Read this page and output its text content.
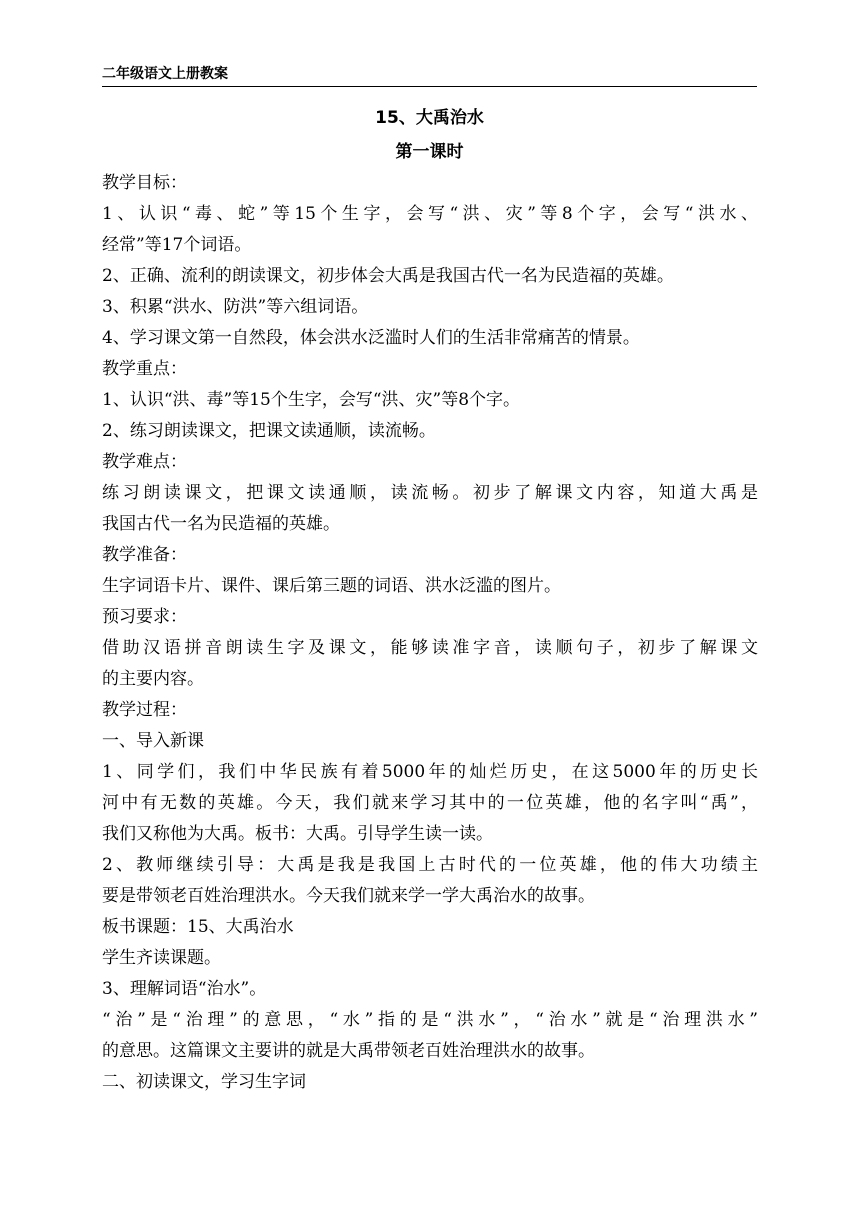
二年级语文上册教案
15、大禹治水
第一课时
教学目标：
1、认识“毒、蛇”等15个生字，会写“洪、灾”等8个字，会写“洪水、
经常”等17个词语。
2、正确、流利的朗读课文，初步体会大禹是我国古代一名为民造福的英雄。
3、积累“洪水、防洪”等六组词语。
4、学习课文第一自然段，体会洪水泛滥时人们的生活非常痛苦的情景。
教学重点：
1、认识“洪、毒”等15个生字，会写“洪、灾”等8个字。
2、练习朗读课文，把课文读通顺，读流畅。
教学难点：
练习朗读课文，把课文读通顺，读流畅。初步了解课文内容，知道大禹是
我国古代一名为民造福的英雄。
教学准备：
生字词语卡片、课件、课后第三题的词语、洪水泛滥的图片。
预习要求：
借助汉语拼音朗读生字及课文，能够读准字音，读顺句子，初步了解课文
的主要内容。
教学过程：
一、导入新课
1、同学们，我们中华民族有着5000年的灿烂历史，在这5000年的历史长
河中有无数的英雄。今天，我们就来学习其中的一位英雄，他的名字叫“禹”，
我们又称他为大禹。板书：大禹。引导学生读一读。
2、教师继续引导：大禹是我是我国上古时代的一位英雄，他的伟大功绩主
要是带领老百姓治理洪水。今天我们就来学一学大禹治水的故事。
板书课题：15、大禹治水
学生齐读课题。
3、理解词语“治水”。
“治”是“治理”的意思，“水”指的是“洪水”，“治水”就是“治理洪水”
的意思。这篇课文主要讲的就是大禹带领老百姓治理洪水的故事。
二、初读课文，学习生字词
